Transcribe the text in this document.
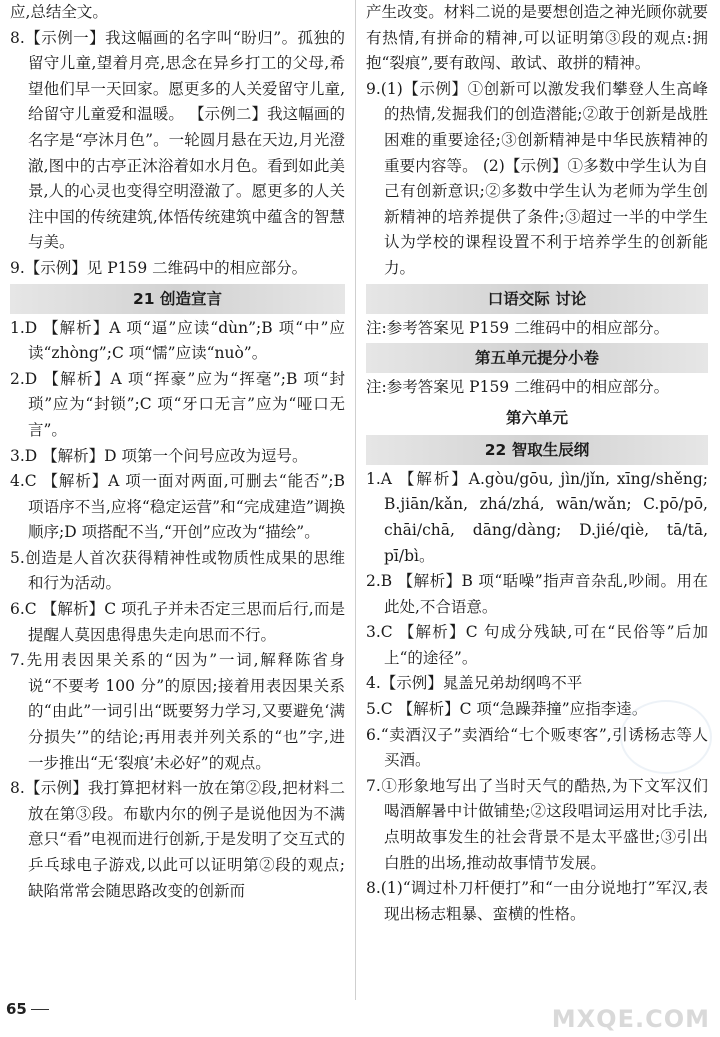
应,总结全文。
8.【示例一】我这幅画的名字叫“盼归”。孤独的留守儿童,望着月亮,思念在异乡打工的父母,希望他们早一天回家。愿更多的人关爱留守儿童,给留守儿童爱和温暖。 【示例二】我这幅画的名字是“亭沐月色”。一轮圆月悬在天边,月光澄澈,图中的古亭正沐浴着如水月色。看到如此美景,人的心灵也变得空明澄澈了。愿更多的人关注中国的传统建筑,体悟传统建筑中蕴含的智慧与美。
9.【示例】见 P159 二维码中的相应部分。
21 创造宣言
1.D 【解析】A 项“逼”应读“dùn”;B 项“中”应读“zhòng”;C 项“懦”应读“nuò”。
2.D 【解析】A 项“挥豪”应为“挥毫”;B 项“封琐”应为“封锁”;C 项“牙口无言”应为“哑口无言”。
3.D 【解析】D 项第一个问号应改为逗号。
4.C 【解析】A 项一面对两面,可删去“能否”;B 项语序不当,应将“稳定运营”和“完成建造”调换顺序;D 项搭配不当,“开创”应改为“描绘”。
5.创造是人首次获得精神性或物质性成果的思维和行为活动。
6.C 【解析】C 项孔子并未否定三思而后行,而是提醒人莫因患得患失走向思而不行。
7.先用表因果关系的“因为”一词,解释陈省身说“不要考 100 分”的原因;接着用表因果关系的“由此”一词引出“既要努力学习,又要避免‘满分损失’”的结论;再用表并列关系的“也”字,进一步推出“无‘裂痕’未必好”的观点。
8.【示例】我打算把材料一放在第②段,把材料二放在第③段。布歇内尔的例子是说他因为不满意只“看”电视而进行创新,于是发明了交互式的乒乓球电子游戏,以此可以证明第②段的观点;缺陷常常会随思路改变的创新而
产生改变。材料二说的是要想创造之神光顾你就要有热情,有拼命的精神,可以证明第③段的观点:拥抱“裂痕”,要有敢闯、敢试、敢拼的精神。
9.(1)【示例】①创新可以激发我们攀登人生高峰的热情,发掘我们的创造潜能;②敢于创新是战胜困难的重要途径;③创新精神是中华民族精神的重要内容等。 (2)【示例】①多数中学生认为自己有创新意识;②多数中学生认为老师为学生创新精神的培养提供了条件;③超过一半的中学生认为学校的课程设置不利于培养学生的创新能力。
口语交际 讨论
注:参考答案见 P159 二维码中的相应部分。
第五单元提分小卷
注:参考答案见 P159 二维码中的相应部分。
第六单元
22 智取生辰纲
1.A 【解析】A.gòu/gōu, jìn/jǐn, xīng/shěng; B.jiān/kǎn, zhá/zhá, wān/wǎn; C.pō/pō, chāi/chā, dāng/dàng; D.jié/qiè, tā/tā, pī/bì。
2.B 【解析】B 项“聒噪”指声音杂乱,吵闹。用在此处,不合语意。
3.C 【解析】C 句成分残缺,可在“民俗等”后加上“的途径”。
4.【示例】晁盖兄弟劫纲鸣不平
5.C 【解析】C 项“急躁莽撞”应指李逵。
6.“卖酒汉子”卖酒给“七个贩枣客”,引诱杨志等人买酒。
7.①形象地写出了当时天气的酷热,为下文军汉们喝酒解暑中计做铺垫;②这段唱词运用对比手法,点明故事发生的社会背景不是太平盛世;③引出白胜的出场,推动故事情节发展。
8.(1)“调过朴刀杆便打”和“一由分说地打”军汉,表现出杨志粗暴、蛮横的性格。
65	MXQE.COM
